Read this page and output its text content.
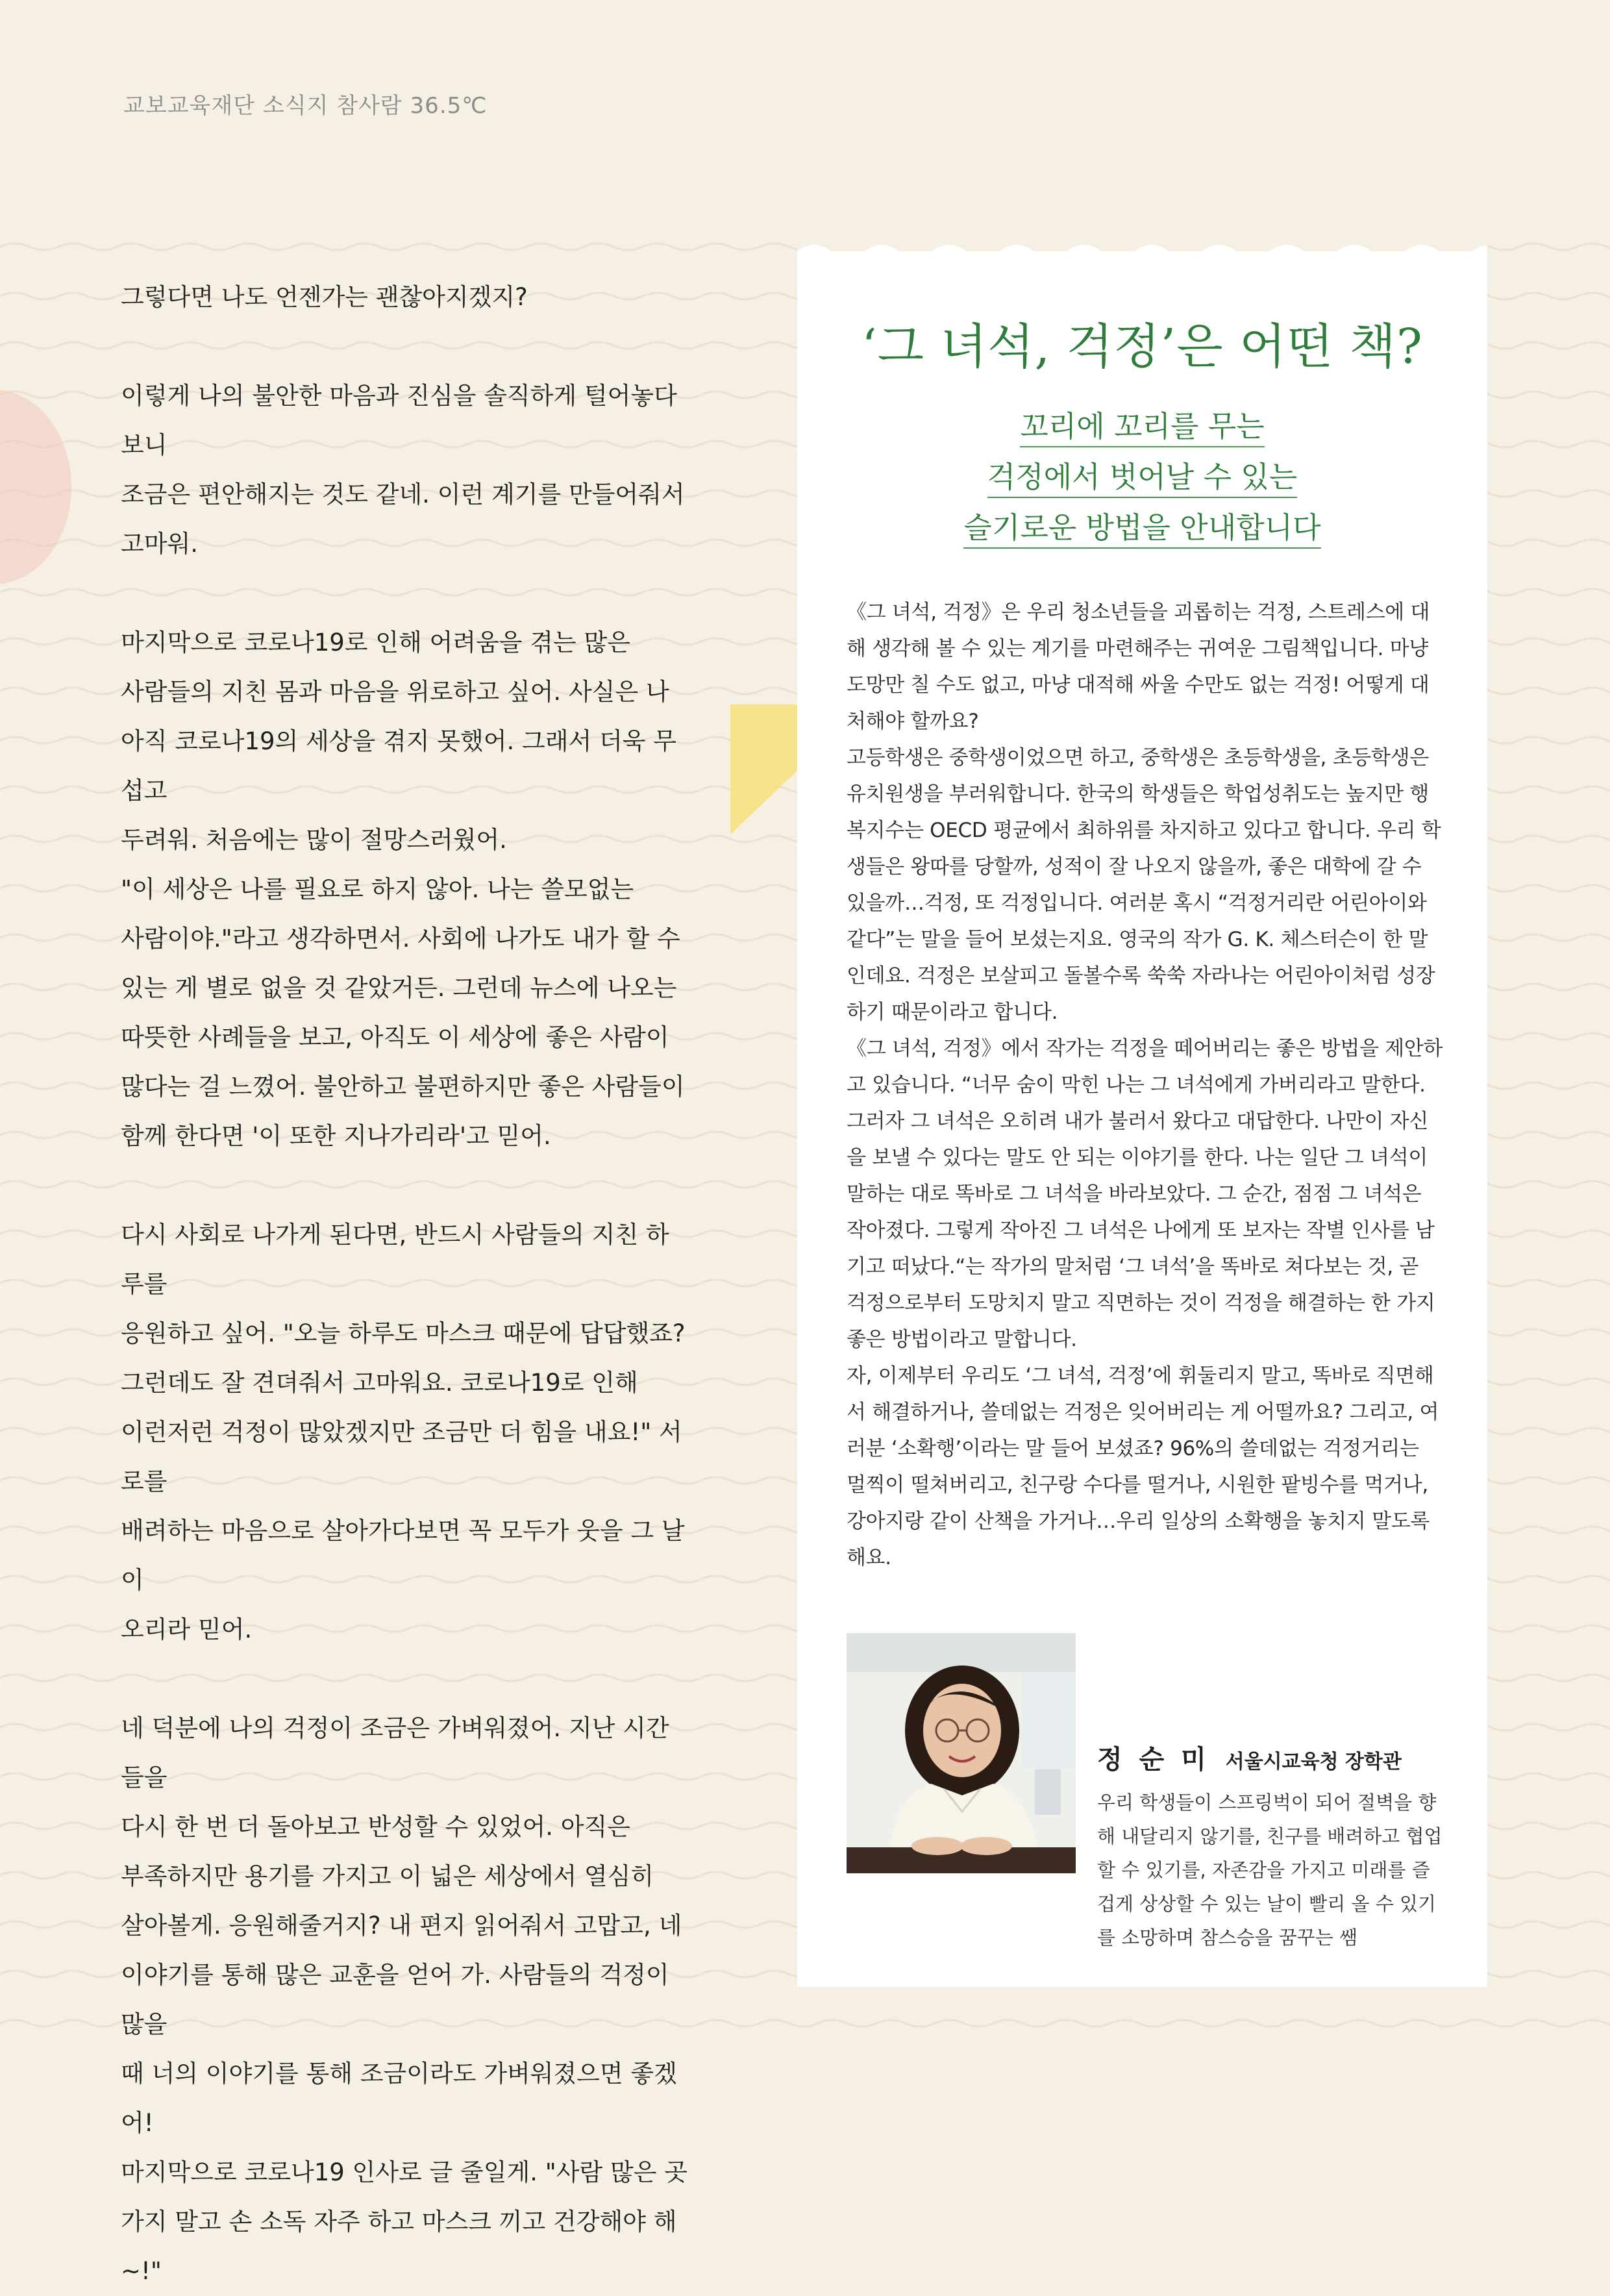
교보교육재단 소식지 참사람 36.5℃

그렇다면 나도 언젠가는 괜찮아지겠지?

이렇게 나의 불안한 마음과 진심을 솔직하게 털어놓다보니
조금은 편안해지는 것도 같네. 이런 계기를 만들어줘서
고마워.

마지막으로 코로나19로 인해 어려움을 겪는 많은
사람들의 지친 몸과 마음을 위로하고 싶어. 사실은 나
아직 코로나19의 세상을 겪지 못했어. 그래서 더욱 무섭고
두려워. 처음에는 많이 절망스러웠어.
"이 세상은 나를 필요로 하지 않아. 나는 쓸모없는
사람이야."라고 생각하면서. 사회에 나가도 내가 할 수
있는 게 별로 없을 것 같았거든. 그런데 뉴스에 나오는
따뜻한 사례들을 보고, 아직도 이 세상에 좋은 사람이
많다는 걸 느꼈어. 불안하고 불편하지만 좋은 사람들이
함께 한다면 '이 또한 지나가리라'고 믿어.

다시 사회로 나가게 된다면, 반드시 사람들의 지친 하루를
응원하고 싶어. "오늘 하루도 마스크 때문에 답답했죠?
그런데도 잘 견뎌줘서 고마워요. 코로나19로 인해
이런저런 걱정이 많았겠지만 조금만 더 힘을 내요!" 서로를
배려하는 마음으로 살아가다보면 꼭 모두가 웃을 그 날이
오리라 믿어.

네 덕분에 나의 걱정이 조금은 가벼워졌어. 지난 시간들을
다시 한 번 더 돌아보고 반성할 수 있었어. 아직은
부족하지만 용기를 가지고 이 넓은 세상에서 열심히
살아볼게. 응원해줄거지? 내 편지 읽어줘서 고맙고, 네
이야기를 통해 많은 교훈을 얻어 가. 사람들의 걱정이 많을
때 너의 이야기를 통해 조금이라도 가벼워졌으면 좋겠어!
마지막으로 코로나19 인사로 글 줄일게. "사람 많은 곳
가지 말고 손 소독 자주 하고 마스크 끼고 건강해야 해~!"

‘그 녀석, 걱정’은 어떤 책?
꼬리에 꼬리를 무는
걱정에서 벗어날 수 있는
슬기로운 방법을 안내합니다

《그 녀석, 걱정》은 우리 청소년들을 괴롭히는 걱정, 스트레스에 대해 생각해 볼 수 있는 계기를 마련해주는 귀여운 그림책입니다. 마냥 도망만 칠 수도 없고, 마냥 대적해 싸울 수만도 없는 걱정! 어떻게 대처해야 할까요?

고등학생은 중학생이었으면 하고, 중학생은 초등학생을, 초등학생은 유치원생을 부러워합니다. 한국의 학생들은 학업성취도는 높지만 행복지수는 OECD 평균에서 최하위를 차지하고 있다고 합니다. 우리 학생들은 왕따를 당할까, 성적이 잘 나오지 않을까, 좋은 대학에 갈 수 있을까…걱정, 또 걱정입니다. 여러분 혹시 “걱정거리란 어린아이와 같다”는 말을 들어 보셨는지요. 영국의 작가 G. K. 체스터슨이 한 말인데요. 걱정은 보살피고 돌볼수록 쑥쑥 자라나는 어린아이처럼 성장하기 때문이라고 합니다.

《그 녀석, 걱정》에서 작가는 걱정을 떼어버리는 좋은 방법을 제안하고 있습니다. “너무 숨이 막힌 나는 그 녀석에게 가버리라고 말한다. 그러자 그 녀석은 오히려 내가 불러서 왔다고 대답한다. 나만이 자신을 보낼 수 있다는 말도 안 되는 이야기를 한다. 나는 일단 그 녀석이 말하는 대로 똑바로 그 녀석을 바라보았다. 그 순간, 점점 그 녀석은 작아졌다. 그렇게 작아진 그 녀석은 나에게 또 보자는 작별 인사를 남기고 떠났다.“는 작가의 말처럼 ‘그 녀석’을 똑바로 쳐다보는 것, 곧 걱정으로부터 도망치지 말고 직면하는 것이 걱정을 해결하는 한 가지 좋은 방법이라고 말합니다.

자, 이제부터 우리도 ‘그 녀석, 걱정’에 휘둘리지 말고, 똑바로 직면해서 해결하거나, 쓸데없는 걱정은 잊어버리는 게 어떨까요? 그리고, 여러분 ‘소확행’이라는 말 들어 보셨죠? 96%의 쓸데없는 걱정거리는 멀찍이 떨쳐버리고, 친구랑 수다를 떨거나, 시원한 팥빙수를 먹거나, 강아지랑 같이 산책을 가거나…우리 일상의 소확행을 놓치지 말도록 해요.

정 순 미 서울시교육청 장학관
우리 학생들이 스프링벅이 되어 절벽을 향해 내달리지 않기를, 친구를 배려하고 협업할 수 있기를, 자존감을 가지고 미래를 즐겁게 상상할 수 있는 날이 빨리 올 수 있기를 소망하며 참스승을 꿈꾸는 쌤
